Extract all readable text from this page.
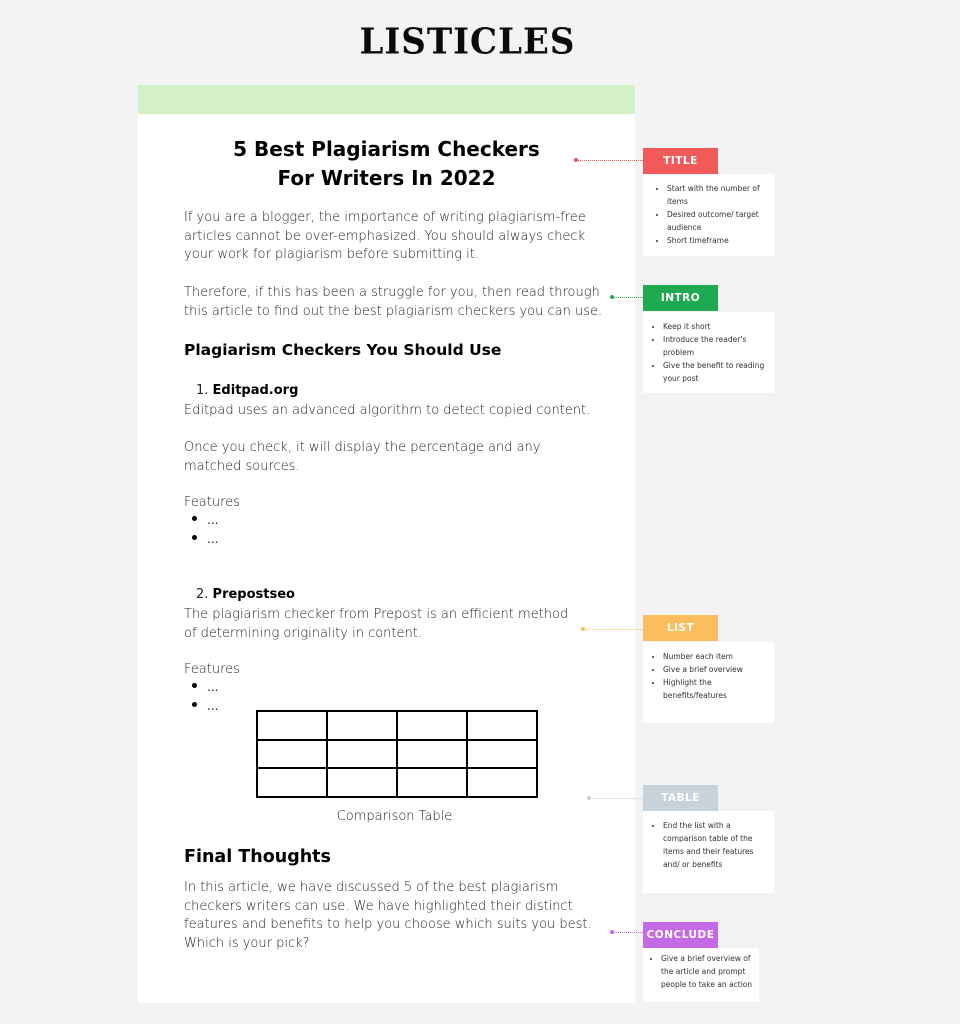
LISTICLES
5 Best Plagiarism Checkers
For Writers In 2022
If you are a blogger, the importance of writing plagiarism-free articles cannot be over-emphasized. You should always check your work for plagiarism before submitting it.
Therefore, if this has been a struggle for you, then read through this article to find out the best plagiarism checkers you can use.
Plagiarism Checkers You Should Use
1. Editpad.org
Editpad uses an advanced algorithm to detect copied content.
Once you check, it will display the percentage and any matched sources.
Features
...
...
2. Prepostseo
The plagiarism checker from Prepost is an efficient method of determining originality in content.
Features
...
...

Comparison Table
Final Thoughts
In this article, we have discussed 5 of the best plagiarism checkers writers can use. We have highlighted their distinct features and benefits to help you choose which suits you best. Which is your pick?
TITLE
• Start with the number of items
• Desired outcome/ target audience
• Short timeframe
INTRO
• Keep it short
• Introduce the reader's problem
• Give the benefit to reading your post
LIST
• Number each item
• Give a brief overview
• Highlight the benefits/features
TABLE
• End the list with a comparison table of the items and their features and/ or benefits
CONCLUDE
• Give a brief overview of the article and prompt people to take an action
